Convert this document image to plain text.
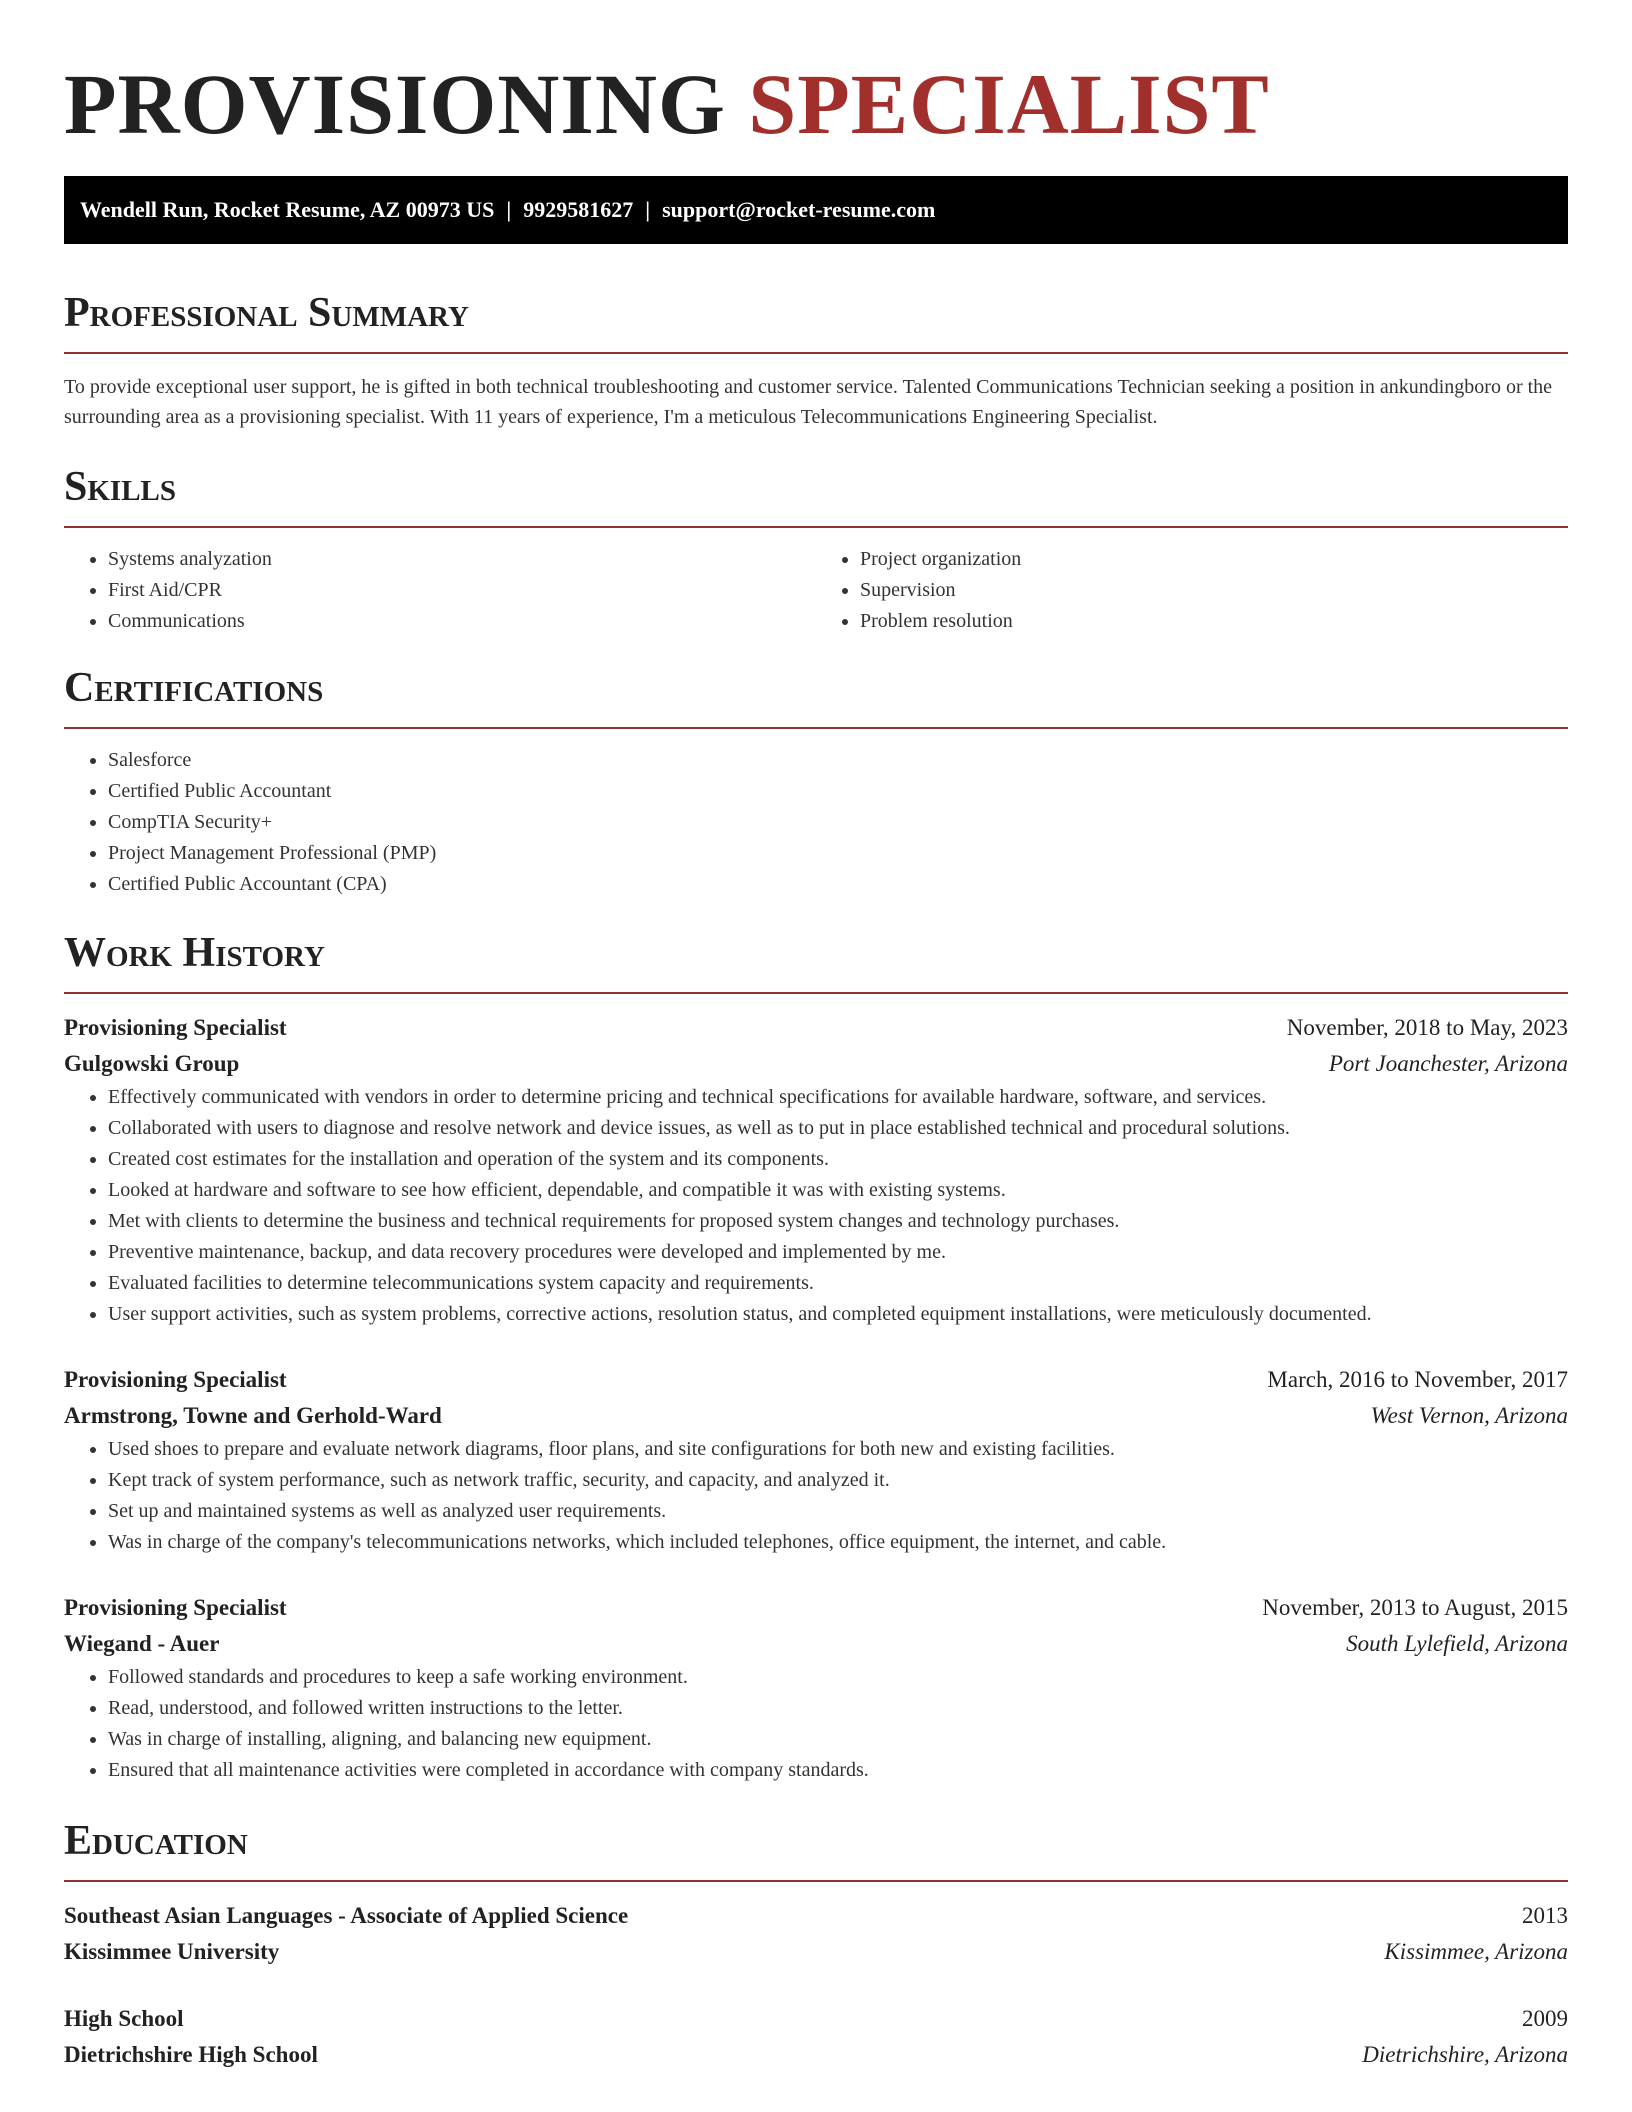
PROVISIONING SPECIALIST
Wendell Run, Rocket Resume, AZ 00973 US | 9929581627 | support@rocket-resume.com
Professional Summary

To provide exceptional user support, he is gifted in both technical troubleshooting and customer service. Talented Communications Technician seeking a position in ankundingboro or the surrounding area as a provisioning specialist. With 11 years of experience, I'm a meticulous Telecommunications Engineering Specialist.

Skills
• Systems analyzation
• First Aid/CPR
• Communications
• Project organization
• Supervision
• Problem resolution
Certifications
• Salesforce
• Certified Public Accountant
• CompTIA Security+
• Project Management Professional (PMP)
• Certified Public Accountant (CPA)
Work History
Provisioning Specialist	November, 2018 to May, 2023
Gulgowski Group	Port Joanchester, Arizona
• Effectively communicated with vendors in order to determine pricing and technical specifications for available hardware, software, and services.
• Collaborated with users to diagnose and resolve network and device issues, as well as to put in place established technical and procedural solutions.
• Created cost estimates for the installation and operation of the system and its components.
• Looked at hardware and software to see how efficient, dependable, and compatible it was with existing systems.
• Met with clients to determine the business and technical requirements for proposed system changes and technology purchases.
• Preventive maintenance, backup, and data recovery procedures were developed and implemented by me.
• Evaluated facilities to determine telecommunications system capacity and requirements.
• User support activities, such as system problems, corrective actions, resolution status, and completed equipment installations, were meticulously documented.
Provisioning Specialist	March, 2016 to November, 2017
Armstrong, Towne and Gerhold-Ward	West Vernon, Arizona
• Used shoes to prepare and evaluate network diagrams, floor plans, and site configurations for both new and existing facilities.
• Kept track of system performance, such as network traffic, security, and capacity, and analyzed it.
• Set up and maintained systems as well as analyzed user requirements.
• Was in charge of the company's telecommunications networks, which included telephones, office equipment, the internet, and cable.
Provisioning Specialist	November, 2013 to August, 2015
Wiegand - Auer	South Lylefield, Arizona
• Followed standards and procedures to keep a safe working environment.
• Read, understood, and followed written instructions to the letter.
• Was in charge of installing, aligning, and balancing new equipment.
• Ensured that all maintenance activities were completed in accordance with company standards.
Education
Southeast Asian Languages - Associate of Applied Science	2013
Kissimmee University	Kissimmee, Arizona
High School	2009
Dietrichshire High School	Dietrichshire, Arizona
